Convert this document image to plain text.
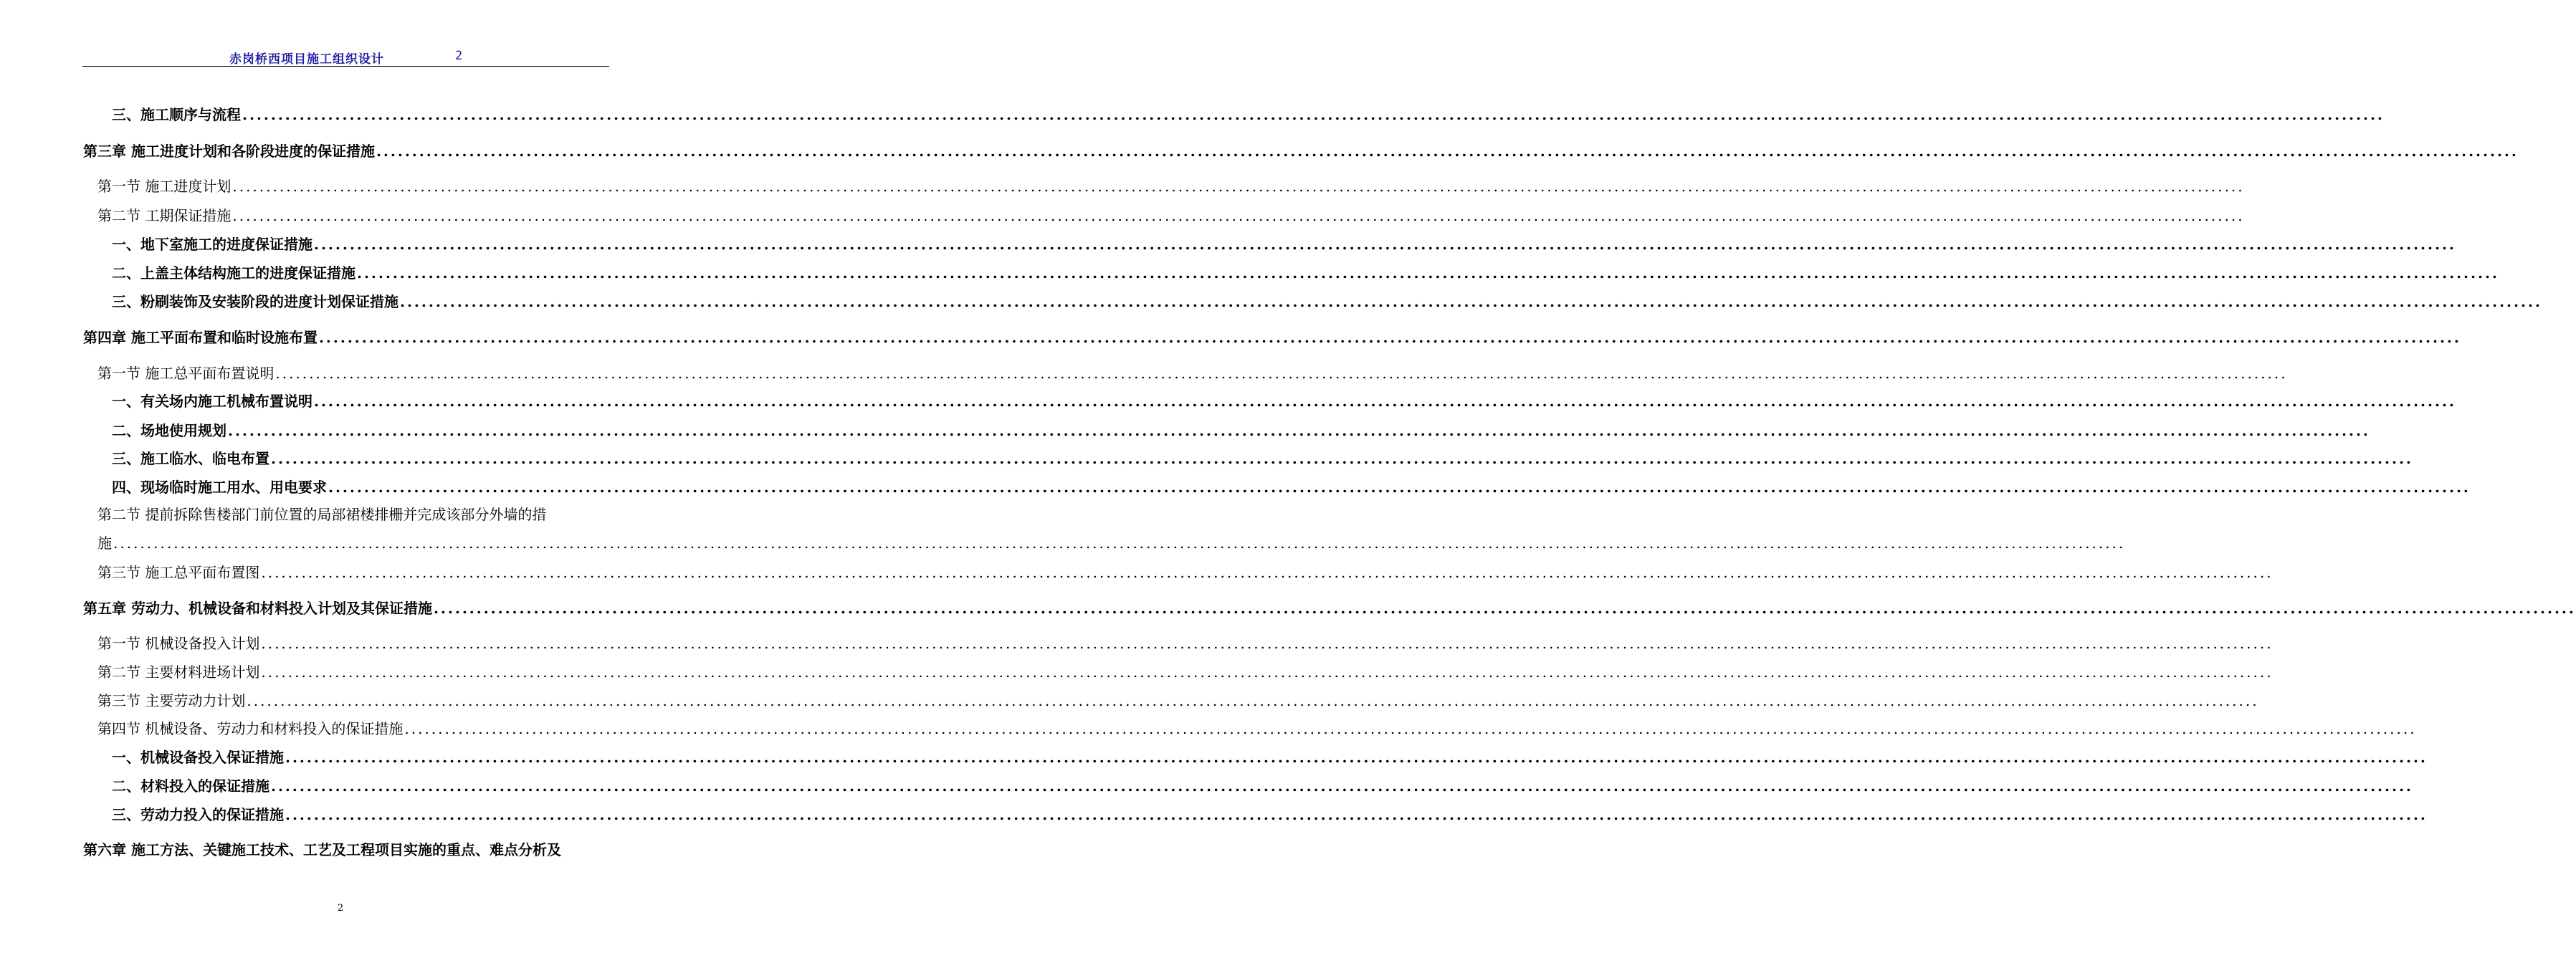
赤岗桥西项目施工组织设计	2
三、施工顺序与流程 ............................................................................................................................................................................................................................................................................................................
第三章 施工进度计划和各阶段进度的保证措施 ............................................................................................................................................................................................................................................................................................................
第一节 施工进度计划 ............................................................................................................................................................................................................................................................................................................
第二节 工期保证措施 ............................................................................................................................................................................................................................................................................................................
一、地下室施工的进度保证措施 ............................................................................................................................................................................................................................................................................................................
二、上盖主体结构施工的进度保证措施 ............................................................................................................................................................................................................................................................................................................
三、粉刷装饰及安装阶段的进度计划保证措施 ............................................................................................................................................................................................................................................................................................................
第四章 施工平面布置和临时设施布置 ............................................................................................................................................................................................................................................................................................................
第一节 施工总平面布置说明 ............................................................................................................................................................................................................................................................................................................
一、有关场内施工机械布置说明 ............................................................................................................................................................................................................................................................................................................
二、场地使用规划 ............................................................................................................................................................................................................................................................................................................
三、施工临水、临电布置 ............................................................................................................................................................................................................................................................................................................
四、现场临时施工用水、用电要求 ............................................................................................................................................................................................................................................................................................................
施 ............................................................................................................................................................................................................................................................................................................
第三节 施工总平面布置图 ............................................................................................................................................................................................................................................................................................................
第五章 劳动力、机械设备和材料投入计划及其保证措施 ............................................................................................................................................................................................................................................................................................................
第一节 机械设备投入计划 ............................................................................................................................................................................................................................................................................................................
第二节 主要材料进场计划 ............................................................................................................................................................................................................................................................................................................
第三节 主要劳动力计划 ............................................................................................................................................................................................................................................................................................................
第四节 机械设备、劳动力和材料投入的保证措施 ............................................................................................................................................................................................................................................................................................................
一、机械设备投入保证措施 ............................................................................................................................................................................................................................................................................................................
二、材料投入的保证措施 ............................................................................................................................................................................................................................................................................................................
三、劳动力投入的保证措施 ............................................................................................................................................................................................................................................................................................................
第二节 提前拆除售楼部门前位置的局部裙楼排栅并完成该部分外墙的措
第六章 施工方法、关键施工技术、工艺及工程项目实施的重点、难点分析及
2
